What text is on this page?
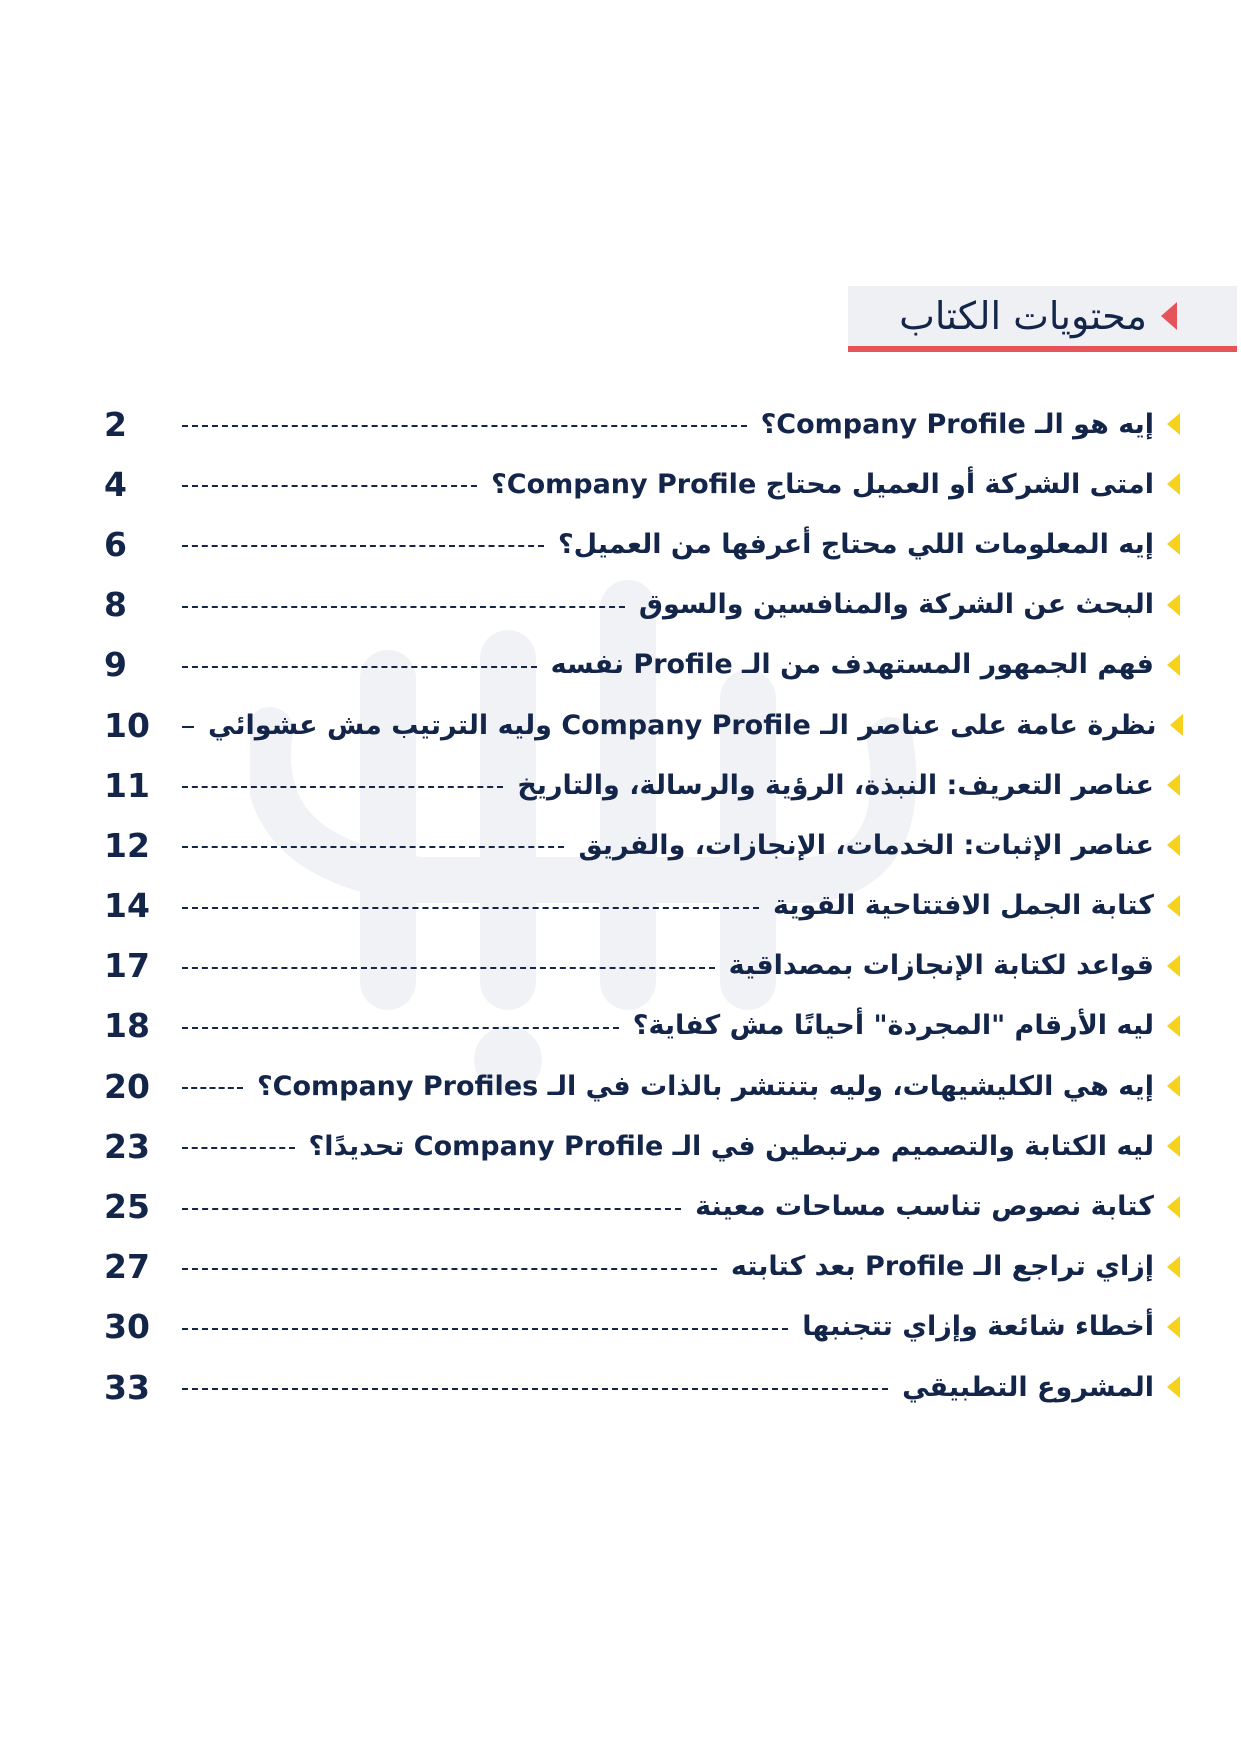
محتويات الكتاب
2	إيه هو الـ Company Profile؟
4	امتى الشركة أو العميل محتاج Company Profile؟
6	إيه المعلومات اللي محتاج أعرفها من العميل؟
8	البحث عن الشركة والمنافسين والسوق
9	فهم الجمهور المستهدف من الـ Profile نفسه
10	نظرة عامة على عناصر الـ Company Profile وليه الترتيب مش عشوائي
11	عناصر التعريف: النبذة، الرؤية والرسالة، والتاريخ
12	عناصر الإثبات: الخدمات، الإنجازات، والفريق
14	كتابة الجمل الافتتاحية القوية
17	قواعد لكتابة الإنجازات بمصداقية
18	ليه الأرقام "المجردة" أحيانًا مش كفاية؟
20	إيه هي الكليشيهات، وليه بتنتشر بالذات في الـ Company Profiles؟
23	ليه الكتابة والتصميم مرتبطين في الـ Company Profile تحديدًا؟
25	كتابة نصوص تناسب مساحات معينة
27	إزاي تراجع الـ Profile بعد كتابته
30	أخطاء شائعة وإزاي تتجنبها
33	المشروع التطبيقي
